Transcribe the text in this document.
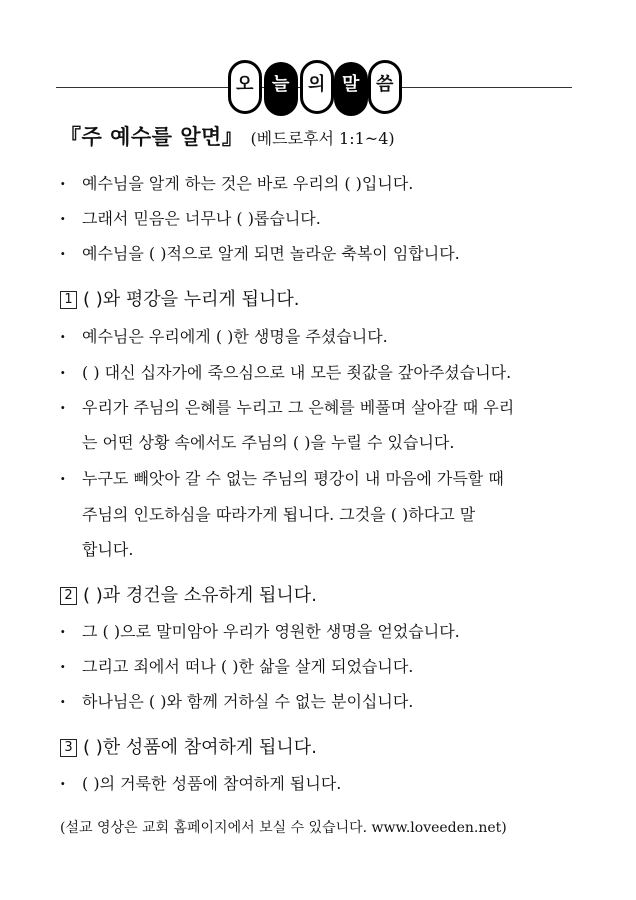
오 늘 의 말 씀
『주 예수를 알면』 (베드로후서 1:1~4)
· 예수님을 알게 하는 것은 바로 우리의 ( )입니다.
· 그래서 믿음은 너무나 ( )롭습니다.
· 예수님을 ( )적으로 알게 되면 놀라운 축복이 임합니다.
1 ( )와 평강을 누리게 됩니다.
· 예수님은 우리에게 ( )한 생명을 주셨습니다.
· ( ) 대신 십자가에 죽으심으로 내 모든 죗값을 갚아주셨습니다.
· 우리가 주님의 은혜를 누리고 그 은혜를 베풀며 살아갈 때 우리
는 어떤 상황 속에서도 주님의 ( )을 누릴 수 있습니다.
· 누구도 빼앗아 갈 수 없는 주님의 평강이 내 마음에 가득할 때
주님의 인도하심을 따라가게 됩니다. 그것을 ( )하다고 말
합니다.
2 ( )과 경건을 소유하게 됩니다.
· 그 ( )으로 말미암아 우리가 영원한 생명을 얻었습니다.
· 그리고 죄에서 떠나 ( )한 삶을 살게 되었습니다.
· 하나님은 ( )와 함께 거하실 수 없는 분이십니다.
3 ( )한 성품에 참여하게 됩니다.
· ( )의 거룩한 성품에 참여하게 됩니다.
(설교 영상은 교회 홈페이지에서 보실 수 있습니다. www.loveeden.net)
